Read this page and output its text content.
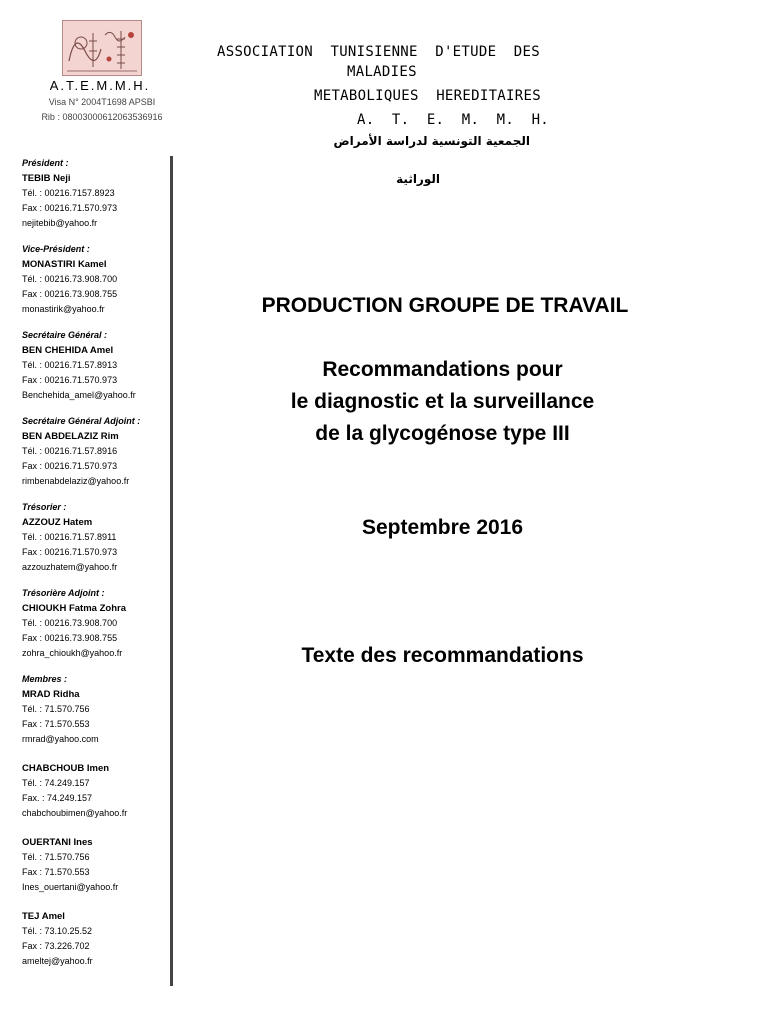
A.T.E.M.M.H.
Visa N° 2004T1698 APSBI
Rib : 08003000612063536916
ASSOCIATION  TUNISIENNE  D'ETUDE  DES
MALADIES
METABOLIQUES  HEREDITAIRES
A.  T.  E.  M.  M.  H.
الجمعية التونسية لدراسة الأمراض
الوراثية
Président :
TEBIB Neji
Tél. : 00216.7157.8923
Fax : 00216.71.570.973
nejitebib@yahoo.fr
Vice-Président :
MONASTIRI Kamel
Tél. : 00216.73.908.700
Fax : 00216.73.908.755
monastirik@yahoo.fr
Secrétaire Général :
BEN CHEHIDA Amel
Tél. : 00216.71.57.8913
Fax : 00216.71.570.973
Benchehida_amel@yahoo.fr
Secrétaire Général Adjoint :
BEN ABDELAZIZ Rim
Tél. : 00216.71.57.8916
Fax : 00216.71.570.973
rimbenabdelaziz@yahoo.fr
Trésorier :
AZZOUZ Hatem
Tél. : 00216.71.57.8911
Fax : 00216.71.570.973
azzouzhatem@yahoo.fr
Trésorière Adjoint :
CHIOUKH Fatma Zohra
Tél. : 00216.73.908.700
Fax : 00216.73.908.755
zohra_chioukh@yahoo.fr
Membres :
MRAD Ridha
Tél. : 71.570.756
Fax : 71.570.553
rmrad@yahoo.com
CHABCHOUB Imen
Tél. : 74.249.157
Fax. : 74.249.157
chabchoubimen@yahoo.fr
OUERTANI Ines
Tél. : 71.570.756
Fax : 71.570.553
Ines_ouertani@yahoo.fr
TEJ Amel
Tél. : 73.10.25.52
Fax : 73.226.702
ameltej@yahoo.fr
PRODUCTION GROUPE DE TRAVAIL
Recommandations pour
le diagnostic et la surveillance
de la glycogénose type III
Septembre 2016
Texte des recommandations
